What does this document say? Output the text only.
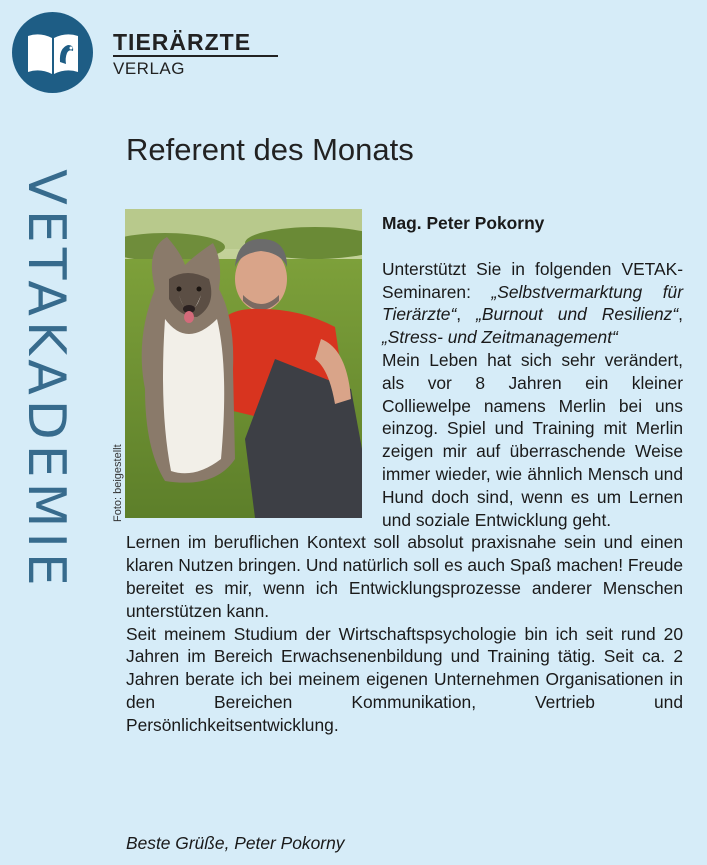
TIERÄRZTE
VERLAG
VETAKADEMIE
Referent des Monats
Foto: beigestellt

Mag. Peter Pokorny

Unterstützt Sie in folgenden VETAK- Seminaren: „Selbstvermarktung für Tierärzte“, „Burnout und Resilienz“, „Stress- und Zeitmanagement“

Mein Leben hat sich sehr verändert, als vor 8 Jahren ein kleiner Colliewelpe namens Merlin bei uns einzog. Spiel und Training mit Merlin zeigen mir auf überraschende Weise immer wieder, wie ähnlich Mensch und Hund doch sind, wenn es um Lernen und soziale Entwicklung geht.

Lernen im beruflichen Kontext soll absolut praxisnahe sein und einen klaren Nutzen bringen. Und natürlich soll es auch Spaß machen! Freude bereitet es mir, wenn ich Entwicklungsprozesse anderer Menschen unterstützen kann.

Seit meinem Studium der Wirtschaftspsychologie bin ich seit rund 20 Jahren im Bereich Erwachsenenbildung und Training tätig. Seit ca. 2 Jahren berate ich bei meinem eigenen Unternehmen Organisationen in den Bereichen Kommunikation, Vertrieb und Persönlichkeitsentwicklung.

Beste Grüße, Peter Pokorny
